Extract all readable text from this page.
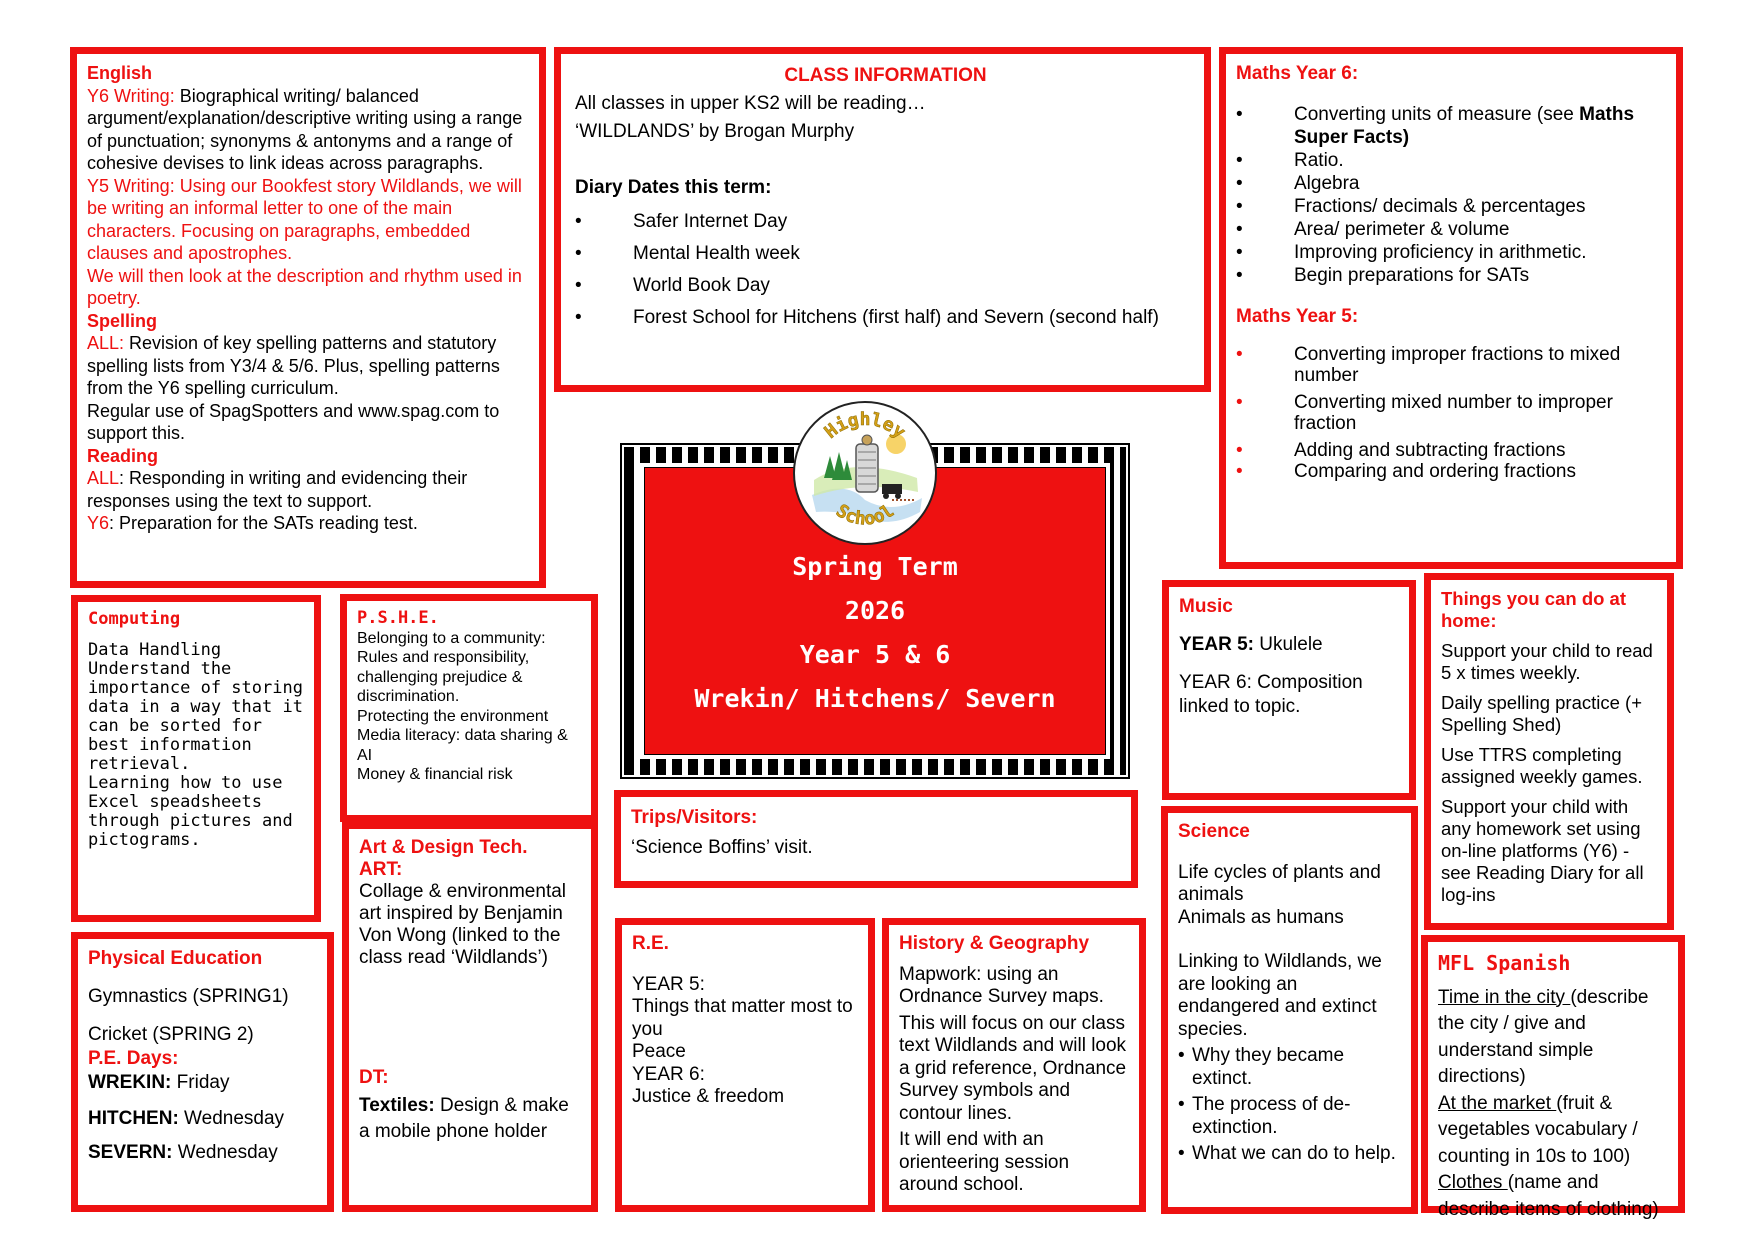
English
Y6 Writing: Biographical writing/ balanced argument/explanation/descriptive writing using a range of punctuation; synonyms & antonyms and a range of cohesive devises to link ideas across paragraphs.
Y5 Writing: Using our Bookfest story Wildlands, we will be writing an informal letter to one of the main characters. Focusing on paragraphs, embedded clauses and apostrophes.
We will then look at the description and rhythm used in poetry.
Spelling
ALL: Revision of key spelling patterns and statutory spelling lists from Y3/4 & 5/6. Plus, spelling patterns from the Y6 spelling curriculum.
Regular use of SpagSpotters and www.spag.com to support this.
Reading
ALL: Responding in writing and evidencing their responses using the text to support.
Y6: Preparation for the SATs reading test.
CLASS INFORMATION
All classes in upper KS2 will be reading…
‘WILDLANDS’ by Brogan Murphy
Diary Dates this term:
•	Safer Internet Day
•	Mental Health week
•	World Book Day
•	Forest School for Hitchens (first half) and Severn (second half)
Maths Year 6:
•	Converting units of measure (see Maths Super Facts)
•	Ratio.
•	Algebra
•	Fractions/ decimals & percentages
•	Area/ perimeter & volume
•	Improving proficiency in arithmetic.
•	Begin preparations for SATs
Maths Year 5:
•	Converting improper fractions to mixed number
•	Converting mixed number to improper fraction
•	Adding and subtracting fractions
•	Comparing and ordering fractions
Spring Term
2026
Year 5 & 6
Wrekin/ Hitchens/ Severn
Highley
School
Computing
Data Handling
Understand the importance of storing data in a way that it can be sorted for best information retrieval.
Learning how to use Excel speadsheets through pictures and pictograms.
P.S.H.E.
Belonging to a community: Rules and responsibility, challenging prejudice & discrimination.
Protecting the environment
Media literacy: data sharing & AI
Money & financial risk
Music
YEAR 5: Ukulele
YEAR 6: Composition linked to topic.
Things you can do at home:
Support your child to read 5 x times weekly.
Daily spelling practice (+ Spelling Shed)
Use TTRS completing assigned weekly games.
Support your child with any homework set using on-line platforms (Y6) - see Reading Diary for all log-ins
Trips/Visitors:
‘Science Boffins’ visit.
Art & Design Tech.
ART:
Collage & environmental art inspired by Benjamin Von Wong (linked to the class read ‘Wildlands’)
DT:
Textiles: Design & make a mobile phone holder
Science
Life cycles of plants and animals
Animals as humans
Linking to Wildlands, we are looking an endangered and extinct species.
• Why they became extinct.
• The process of de-extinction.
• What we can do to help.
Physical Education
Gymnastics (SPRING1)
Cricket (SPRING 2)
P.E. Days:
WREKIN: Friday
HITCHEN: Wednesday
SEVERN: Wednesday
R.E.
YEAR 5:
Things that matter most to you
Peace
YEAR 6:
Justice & freedom
History & Geography
Mapwork: using an Ordnance Survey maps.
This will focus on our class text Wildlands and will look a grid reference, Ordnance Survey symbols and contour lines.
It will end with an orienteering session around school.
MFL Spanish
Time in the city (describe the city / give and understand simple directions)
At the market (fruit & vegetables vocabulary / counting in 10s to 100)
Clothes (name and describe items of clothing)
